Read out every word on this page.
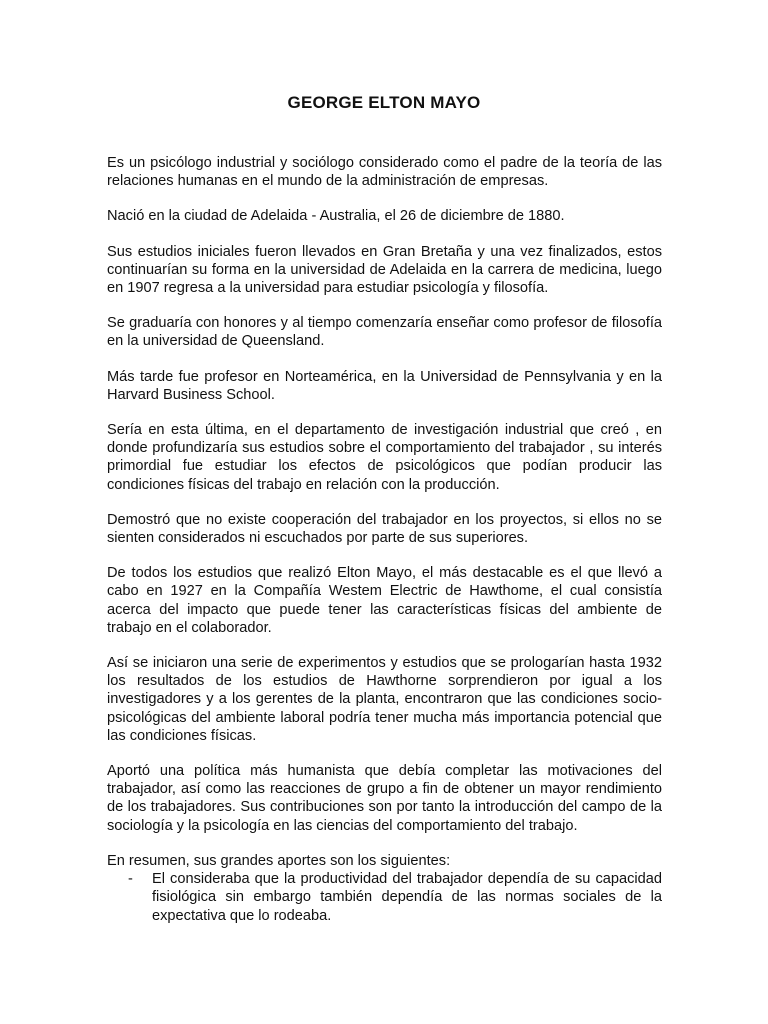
GEORGE ELTON MAYO

Es un psicólogo industrial y sociólogo considerado como el padre de la teoría de las relaciones humanas en el mundo de la administración de empresas.

Nació en la ciudad de Adelaida - Australia, el 26 de diciembre de 1880.

Sus estudios iniciales fueron llevados en Gran Bretaña y una vez finalizados, estos continuarían su forma en la universidad de Adelaida en la carrera de medicina, luego en 1907 regresa a la universidad para estudiar psicología y filosofía.

Se graduaría con honores y al tiempo comenzaría enseñar como profesor de filosofía en la universidad de Queensland.

Más tarde fue profesor en Norteamérica, en la Universidad de Pennsylvania y en la Harvard Business School.

Sería en esta última, en el departamento de investigación industrial que creó , en donde profundizaría sus estudios sobre el comportamiento del trabajador , su interés primordial fue estudiar los efectos de psicológicos que podían producir las condiciones físicas del trabajo en relación con la producción.

Demostró que no existe cooperación del trabajador en los proyectos, si ellos no se sienten considerados ni escuchados por parte de sus superiores.

De todos los estudios que realizó Elton Mayo, el más destacable es el que llevó a cabo en 1927 en la Compañía Westem Electric de Hawthome, el cual consistía acerca del impacto que puede tener las características físicas del ambiente de trabajo en el colaborador.

Así se iniciaron una serie de experimentos y estudios que se prologarían hasta 1932 los resultados de los estudios de Hawthorne sorprendieron por igual a los investigadores y a los gerentes de la planta, encontraron que las condiciones socio-psicológicas del ambiente laboral podría tener mucha más importancia potencial que las condiciones físicas.

Aportó una política más humanista que debía completar las motivaciones del trabajador, así como las reacciones de grupo a fin de obtener un mayor rendimiento de los trabajadores. Sus contribuciones son por tanto la introducción del campo de la sociología y la psicología en las ciencias del comportamiento del trabajo.

En resumen, sus grandes aportes son los siguientes:

-	El consideraba que la productividad del trabajador dependía de su capacidad fisiológica sin embargo también dependía de las normas sociales de la expectativa que lo rodeaba.
